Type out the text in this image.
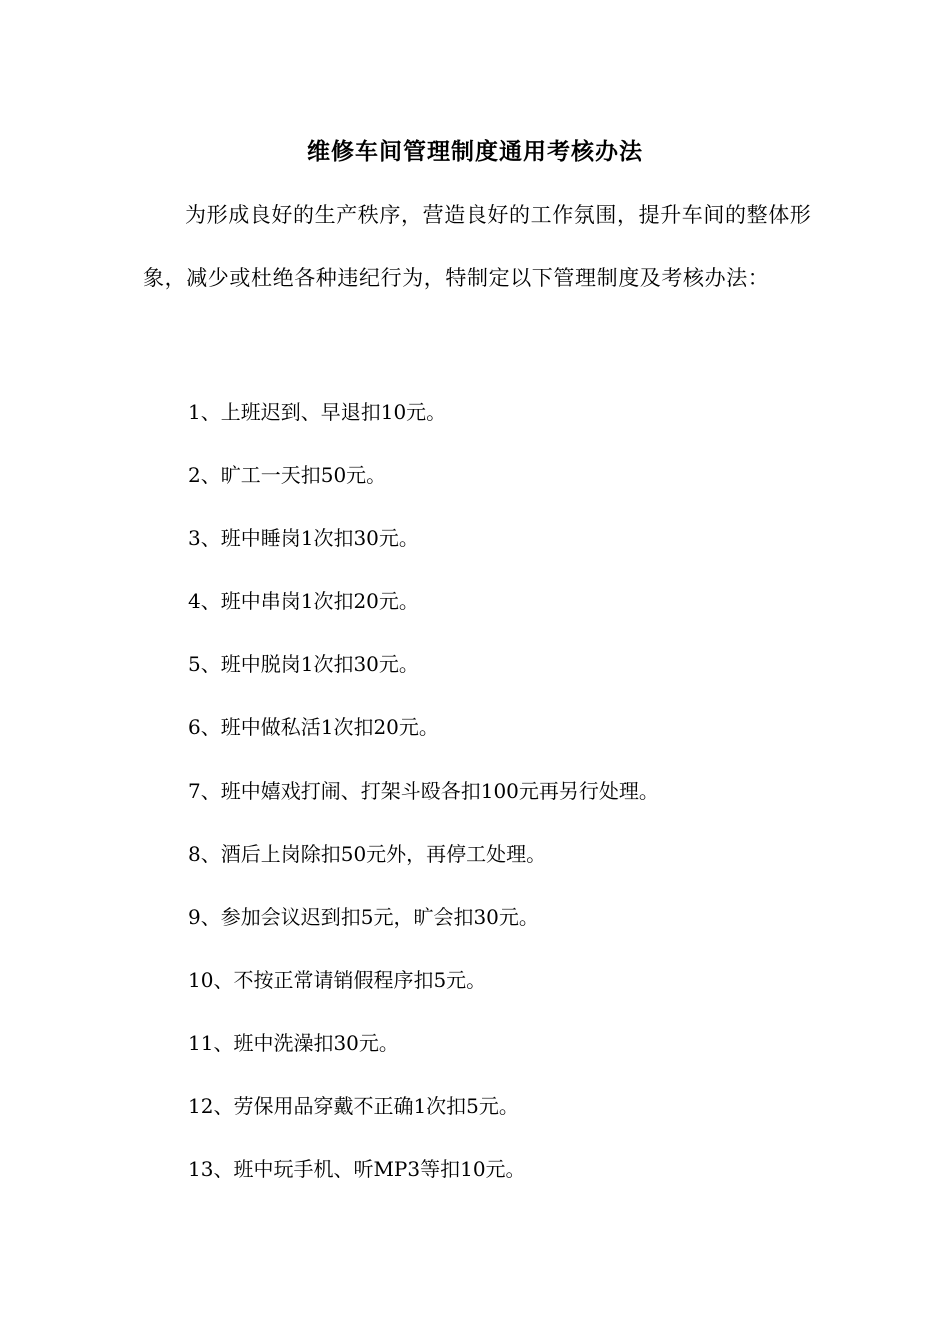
维修车间管理制度通用考核办法

为形成良好的生产秩序，营造良好的工作氛围，提升车间的整体形象，减少或杜绝各种违纪行为，特制定以下管理制度及考核办法：

1、上班迟到、早退扣10元。
2、旷工一天扣50元。
3、班中睡岗1次扣30元。
4、班中串岗1次扣20元。
5、班中脱岗1次扣30元。
6、班中做私活1次扣20元。
7、班中嬉戏打闹、打架斗殴各扣100元再另行处理。
8、酒后上岗除扣50元外，再停工处理。
9、参加会议迟到扣5元，旷会扣30元。
10、不按正常请销假程序扣5元。
11、班中洗澡扣30元。
12、劳保用品穿戴不正确1次扣5元。
13、班中玩手机、听MP3等扣10元。
